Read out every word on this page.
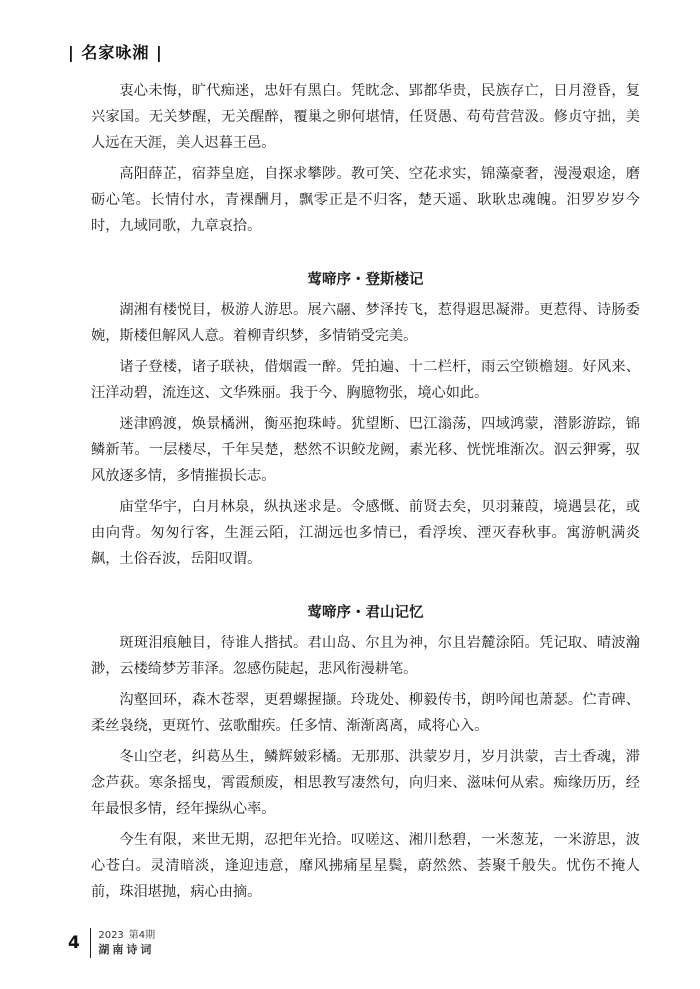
| 名家咏湘 |

衷心未悔，旷代痴迷，忠奸有黑白。凭眈念、郢都华贵，民族存亡，日月澄昏，复兴家国。无关梦醒，无关醒醉，覆巢之卵何堪情，任贤愚、苟苟营营汲。修贞守拙，美人远在天涯，美人迟暮王邑。

高阳薛芷，宿莽皇庭，自探求攀陟。教可笑、空花求实，锦藻豪奢，漫漫艰途，磨砺心笔。长情付水，青裸酬月，飘零正是不归客，楚天遥、耿耿忠魂魄。汨罗岁岁今时，九域同歌，九章哀拾。

莺啼序・登斯楼记

湖湘有楼悦目，极游人游思。展六翮、梦泽抟飞，惹得遐思凝滞。更惹得、诗肠委婉，斯楼但解风人意。着柳青织梦，多情销受完美。

诸子登楼，诸子联袂，借烟霞一醉。凭拍遍、十二栏杆，雨云空锁檐翅。好风来、汪洋动碧，流连这、文华殊丽。我于今、胸臆物张，境心如此。

迷津鸥渡，焕景橘洲，衡巫抱珠峙。犹望断、巴江滃荡，四域鸿蒙，潜影游踪，锦鳞新苇。一层楼尽，千年吴楚，慭然不识鲛龙阙，素光移、恍恍堆渐次。泅云狎雾，驭风放逐多情，多情摧损长志。

庙堂华宇，白月林泉，纵执迷求是。令感慨、前贤去矣，贝羽蒹葭，境遇昙花，或由向背。匆匆行客，生涯云陌，江湖远也多情已，看浮埃、湮灭春秋事。寓游帆满炎飙，土俗吞波，岳阳叹谓。

莺啼序・君山记忆

斑斑泪痕触目，待谁人揩拭。君山岛、尔且为神，尔且岩麓涂陌。凭记取、晴波瀚渺，云楼绮梦芳菲泽。忽感伤陡起，悲风衔漫耕笔。

沟壑回环，森木苍翠，更碧螺握撷。玲珑处、柳毅传书，朗吟闻也萧瑟。伫青碑、柔丝袅绕，更斑竹、弦歌酣疾。任多情、渐渐离离，咸将心入。

冬山空老，纠葛丛生，鳞辉皴彩橘。无那那、洪蒙岁月，岁月洪蒙，吉土香魂，滞念芦荻。寒条摇曳，霄霞颓废，相思教写凄然句，向归来、滋味何从索。痴缘历历，经年最恨多情，经年操纵心率。

今生有限，来世无期，忍把年光拾。叹嗟这、湘川愁碧，一米葱茏，一米游思，波心苍白。灵清暗淡，逢迎违意，靡风拂痛星星鬓，蔚然然、荟聚千般失。忧伤不掩人前，珠泪堪抛，病心由摘。

4 2023 第4期
湖南诗词
